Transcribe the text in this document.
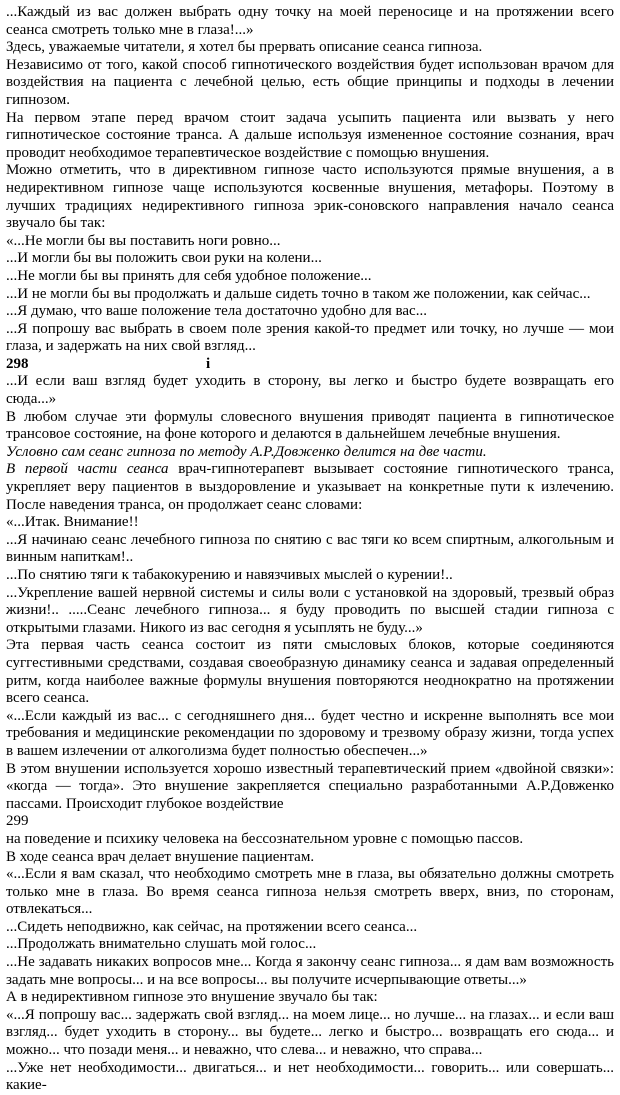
...Каждый из вас должен выбрать одну точку на моей переносице и на протяжении всего сеанса смотреть только мне в глаза!...»

Здесь, уважаемые читатели, я хотел бы прервать описание сеанса гипноза.

Независимо от того, какой способ гипнотического воздействия будет использован врачом для воздействия на пациента с лечебной целью, есть общие принципы и подходы в лечении гипнозом.

На первом этапе перед врачом стоит задача усыпить пациента или вызвать у него гипнотическое состояние транса. А дальше используя измененное состояние сознания, врач проводит необходимое терапевтическое воздействие с помощью внушения.

Можно отметить, что в директивном гипнозе часто используются прямые внушения, а в недирективном гипнозе чаще используются косвенные внушения, метафоры. Поэтому в лучших традициях недирективного гипноза эрик-соновского направления начало сеанса звучало бы так:

«...Не могли бы вы поставить ноги ровно...

...И могли бы вы положить свои руки на колени...

...Не могли бы вы принять для себя удобное положение...

...И не могли бы вы продолжать и дальше сидеть точно в таком же положении, как сейчас...

...Я думаю, что ваше положение тела достаточно удобно для вас...

...Я попрошу вас выбрать в своем поле зрения какой-то предмет или точку, но лучше — мои глаза, и задержать на них свой взгляд...

298	i

...И если ваш взгляд будет уходить в сторону, вы легко и быстро будете возвращать его сюда...»

В любом случае эти формулы словесного внушения приводят пациента в гипнотическое трансовое состояние, на фоне которого и делаются в дальнейшем лечебные внушения.

Условно сам сеанс гипноза по методу А.Р.Довженко делится на две части.

В первой части сеанса врач-гипнотерапевт вызывает состояние гипнотического транса, укрепляет веру пациентов в выздоровление и указывает на конкретные пути к излечению. После наведения транса, он продолжает сеанс словами:

«...Итак. Внимание!!

...Я начинаю сеанс лечебного гипноза по снятию с вас тяги ко всем спиртным, алкогольным и винным напиткам!..

...По снятию тяги к табакокурению и навязчивых мыслей о курении!..

...Укрепление вашей нервной системы и силы воли с установкой на здоровый, трезвый образ жизни!.. .....Сеанс лечебного гипноза... я буду проводить по высшей стадии гипноза с открытыми глазами. Никого из вас сегодня я усыплять не буду...»

Эта первая часть сеанса состоит из пяти смысловых блоков, которые соединяются суггестивными средствами, создавая своеобразную динамику сеанса и задавая определенный ритм, когда наиболее важные формулы внушения повторяются неоднократно на протяжении всего сеанса.

«...Если каждый из вас... с сегодняшнего дня... будет честно и искренне выполнять все мои требования и медицинские рекомендации по здоровому и трезвому образу жизни, тогда успех в вашем излечении от алкоголизма будет полностью обеспечен...»

В этом внушении используется хорошо известный терапевтический прием «двойной связки»: «когда — тогда». Это внушение закрепляется специально разработанными А.Р.Довженко пассами. Происходит глубокое воздействие

299

на поведение и психику человека на бессознательном уровне с помощью пассов.

В ходе сеанса врач делает внушение пациентам.

«...Если я вам сказал, что необходимо смотреть мне в глаза, вы обязательно должны смотреть только мне в глаза. Во время сеанса гипноза нельзя смотреть вверх, вниз, по сторонам, отвлекаться...

...Сидеть неподвижно, как сейчас, на протяжении всего сеанса...

...Продолжать внимательно слушать мой голос...

...Не задавать никаких вопросов мне... Когда я закончу сеанс гипноза... я дам вам возможность задать мне вопросы... и на все вопросы... вы получите исчерпывающие ответы...»

А в недирективном гипнозе это внушение звучало бы так:

«...Я попрошу вас... задержать свой взгляд... на моем лице... но лучше... на глазах... и если ваш взгляд... будет уходить в сторону... вы будете... легко и быстро... возвращать его сюда... и можно... что позади меня... и неважно, что слева... и неважно, что справа...

...Уже нет необходимости... двигаться... и нет необходимости... говорить... или совершать... какие-
